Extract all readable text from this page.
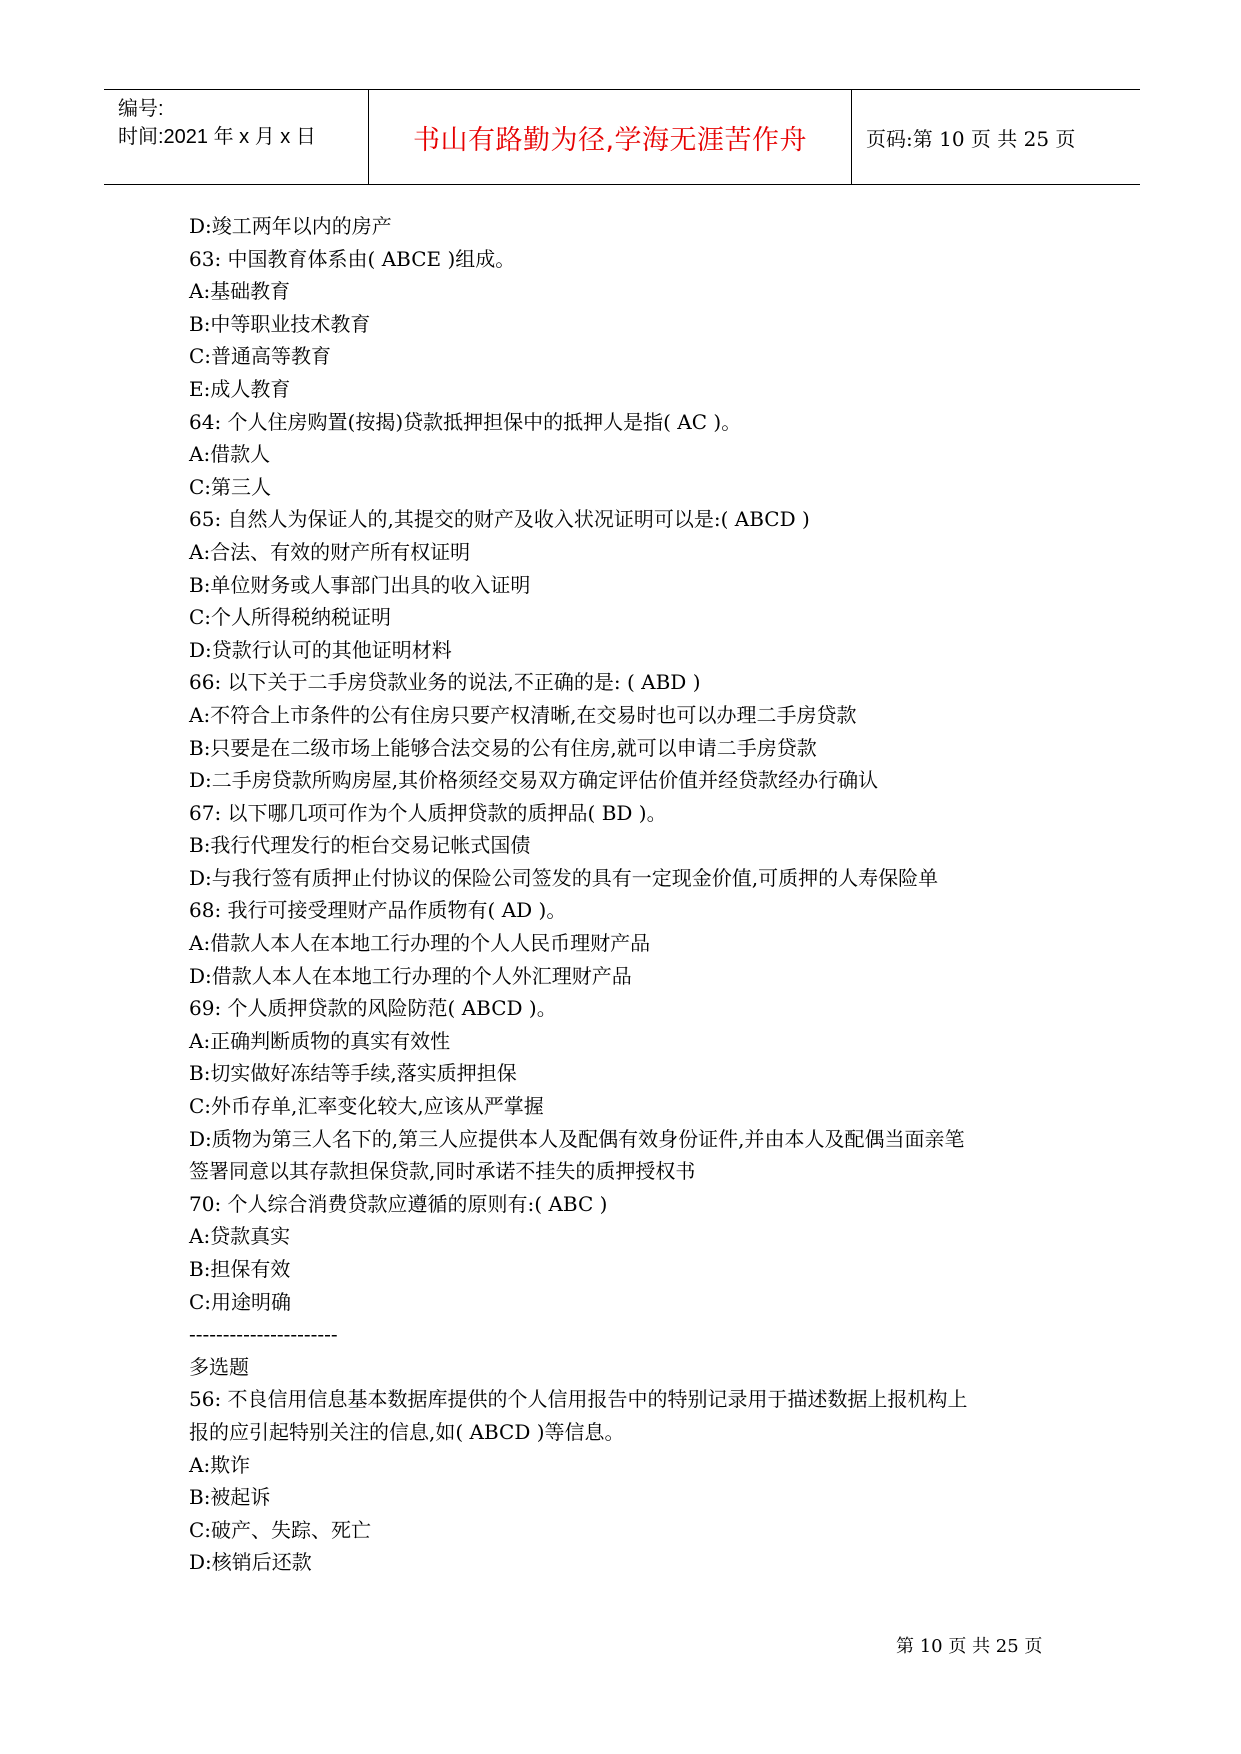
编号:
时间:2021 年 x 月 x 日	书山有路勤为径,学海无涯苦作舟	页码:第 10 页 共 25 页
D:竣工两年以内的房产
63: 中国教育体系由( ABCE )组成。
A:基础教育
B:中等职业技术教育
C:普通高等教育
E:成人教育
64: 个人住房购置(按揭)贷款抵押担保中的抵押人是指( AC )。
A:借款人
C:第三人
65: 自然人为保证人的,其提交的财产及收入状况证明可以是:( ABCD )
A:合法、有效的财产所有权证明
B:单位财务或人事部门出具的收入证明
C:个人所得税纳税证明
D:贷款行认可的其他证明材料
66: 以下关于二手房贷款业务的说法,不正确的是: ( ABD )
A:不符合上市条件的公有住房只要产权清晰,在交易时也可以办理二手房贷款
B:只要是在二级市场上能够合法交易的公有住房,就可以申请二手房贷款
D:二手房贷款所购房屋,其价格须经交易双方确定评估价值并经贷款经办行确认
67: 以下哪几项可作为个人质押贷款的质押品( BD )。
B:我行代理发行的柜台交易记帐式国债
D:与我行签有质押止付协议的保险公司签发的具有一定现金价值,可质押的人寿保险单
68: 我行可接受理财产品作质物有( AD )。
A:借款人本人在本地工行办理的个人人民币理财产品
D:借款人本人在本地工行办理的个人外汇理财产品
69: 个人质押贷款的风险防范( ABCD )。
A:正确判断质物的真实有效性
B:切实做好冻结等手续,落实质押担保
C:外币存单,汇率变化较大,应该从严掌握
D:质物为第三人名下的,第三人应提供本人及配偶有效身份证件,并由本人及配偶当面亲笔
签署同意以其存款担保贷款,同时承诺不挂失的质押授权书
70: 个人综合消费贷款应遵循的原则有:( ABC )
A:贷款真实
B:担保有效
C:用途明确
----------------------
多选题
56: 不良信用信息基本数据库提供的个人信用报告中的特别记录用于描述数据上报机构上
报的应引起特别关注的信息,如( ABCD )等信息。
A:欺诈
B:被起诉
C:破产、失踪、死亡
D:核销后还款
第 10 页 共 25 页
